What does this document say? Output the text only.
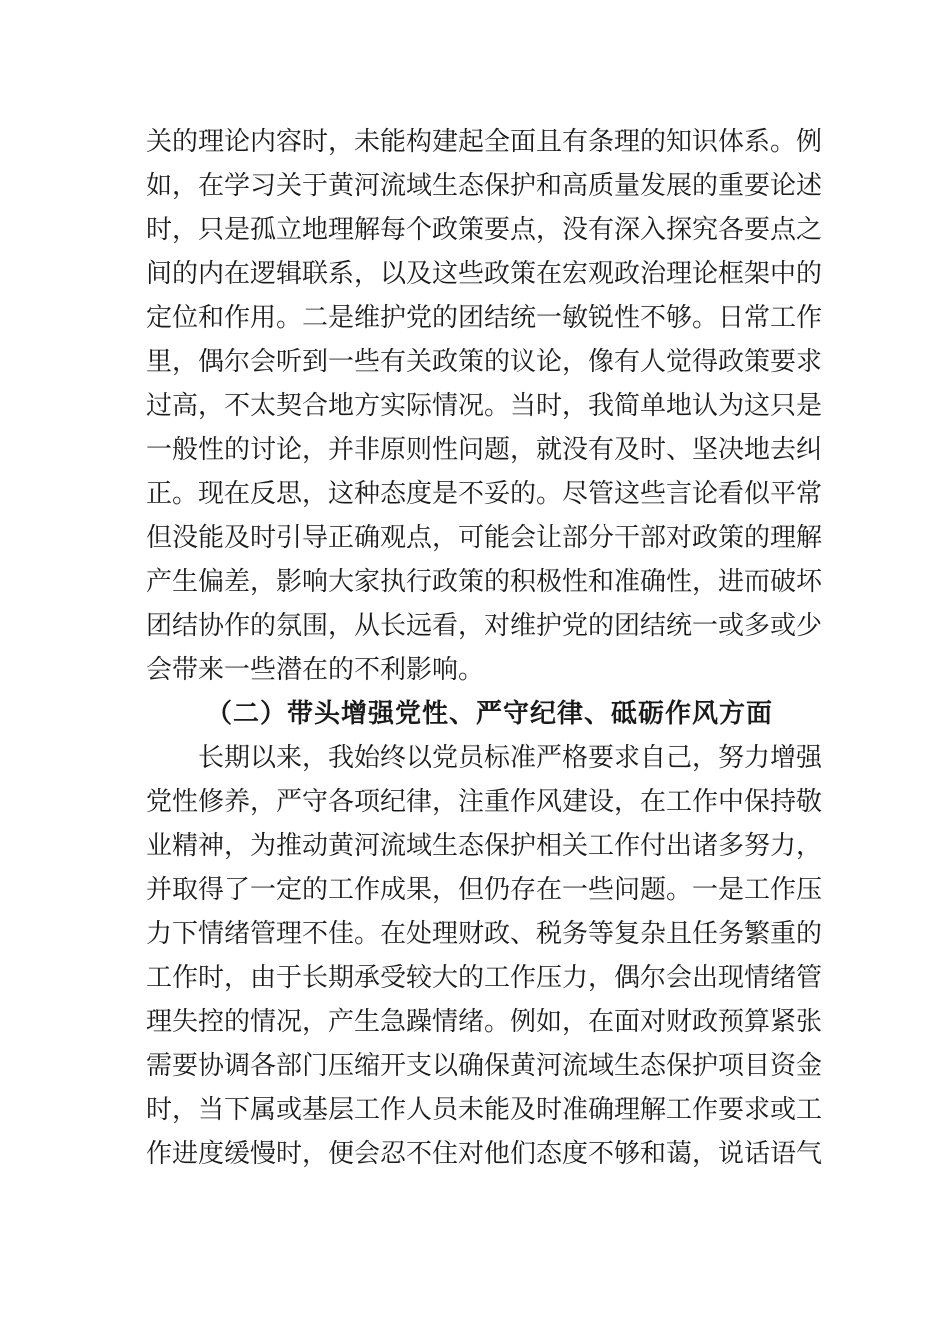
关的理论内容时，未能构建起全面且有条理的知识体系。例
如，在学习关于黄河流域生态保护和高质量发展的重要论述
时，只是孤立地理解每个政策要点，没有深入探究各要点之
间的内在逻辑联系，以及这些政策在宏观政治理论框架中的
定位和作用。二是维护党的团结统一敏锐性不够。日常工作
里，偶尔会听到一些有关政策的议论，像有人觉得政策要求
过高，不太契合地方实际情况。当时，我简单地认为这只是
一般性的讨论，并非原则性问题，就没有及时、坚决地去纠
正。现在反思，这种态度是不妥的。尽管这些言论看似平常
但没能及时引导正确观点，可能会让部分干部对政策的理解
产生偏差，影响大家执行政策的积极性和准确性，进而破坏
团结协作的氛围，从长远看，对维护党的团结统一或多或少
会带来一些潜在的不利影响。
（二）带头增强党性、严守纪律、砥砺作风方面
长期以来，我始终以党员标准严格要求自己，努力增强
党性修养，严守各项纪律，注重作风建设，在工作中保持敬
业精神，为推动黄河流域生态保护相关工作付出诸多努力，
并取得了一定的工作成果，但仍存在一些问题。一是工作压
力下情绪管理不佳。在处理财政、税务等复杂且任务繁重的
工作时，由于长期承受较大的工作压力，偶尔会出现情绪管
理失控的情况，产生急躁情绪。例如，在面对财政预算紧张
需要协调各部门压缩开支以确保黄河流域生态保护项目资金
时，当下属或基层工作人员未能及时准确理解工作要求或工
作进度缓慢时，便会忍不住对他们态度不够和蔼，说话语气
